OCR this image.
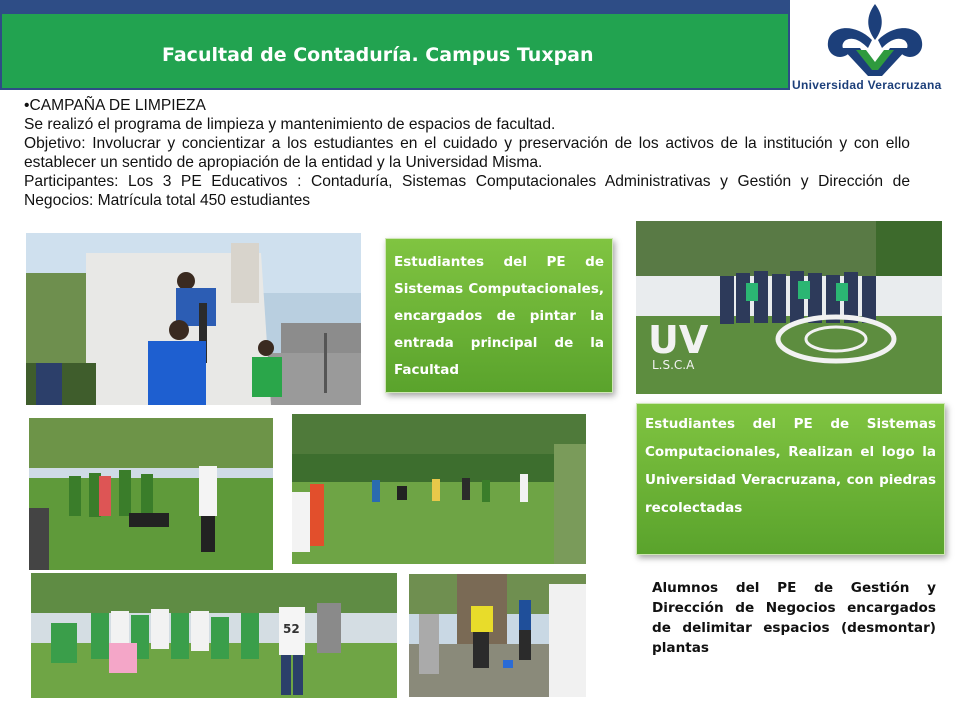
Facultad de Contaduría. Campus Tuxpan
Universidad Veracruzana

•CAMPAÑA DE LIMPIEZA

Se realizó el programa de limpieza y mantenimiento de espacios de facultad.

Objetivo: Involucrar y concientizar a los estudiantes en el cuidado y preservación de los activos de la institución y con ello establecer un sentido de apropiación de la entidad y la Universidad Misma.

Participantes: Los 3 PE Educativos : Contaduría, Sistemas Computacionales Administrativas y Gestión y Dirección de Negocios: Matrícula total 450 estudiantes

UV
L.S.C.A
52

Estudiantes del PE de Sistemas Computacionales, encargados de pintar la entrada principal de la Facultad

Estudiantes del PE de Sistemas Computacionales, Realizan el logo la Universidad Veracruzana, con piedras recolectadas

Alumnos del PE de Gestión y Dirección de Negocios encargados de delimitar espacios (desmontar) plantas
